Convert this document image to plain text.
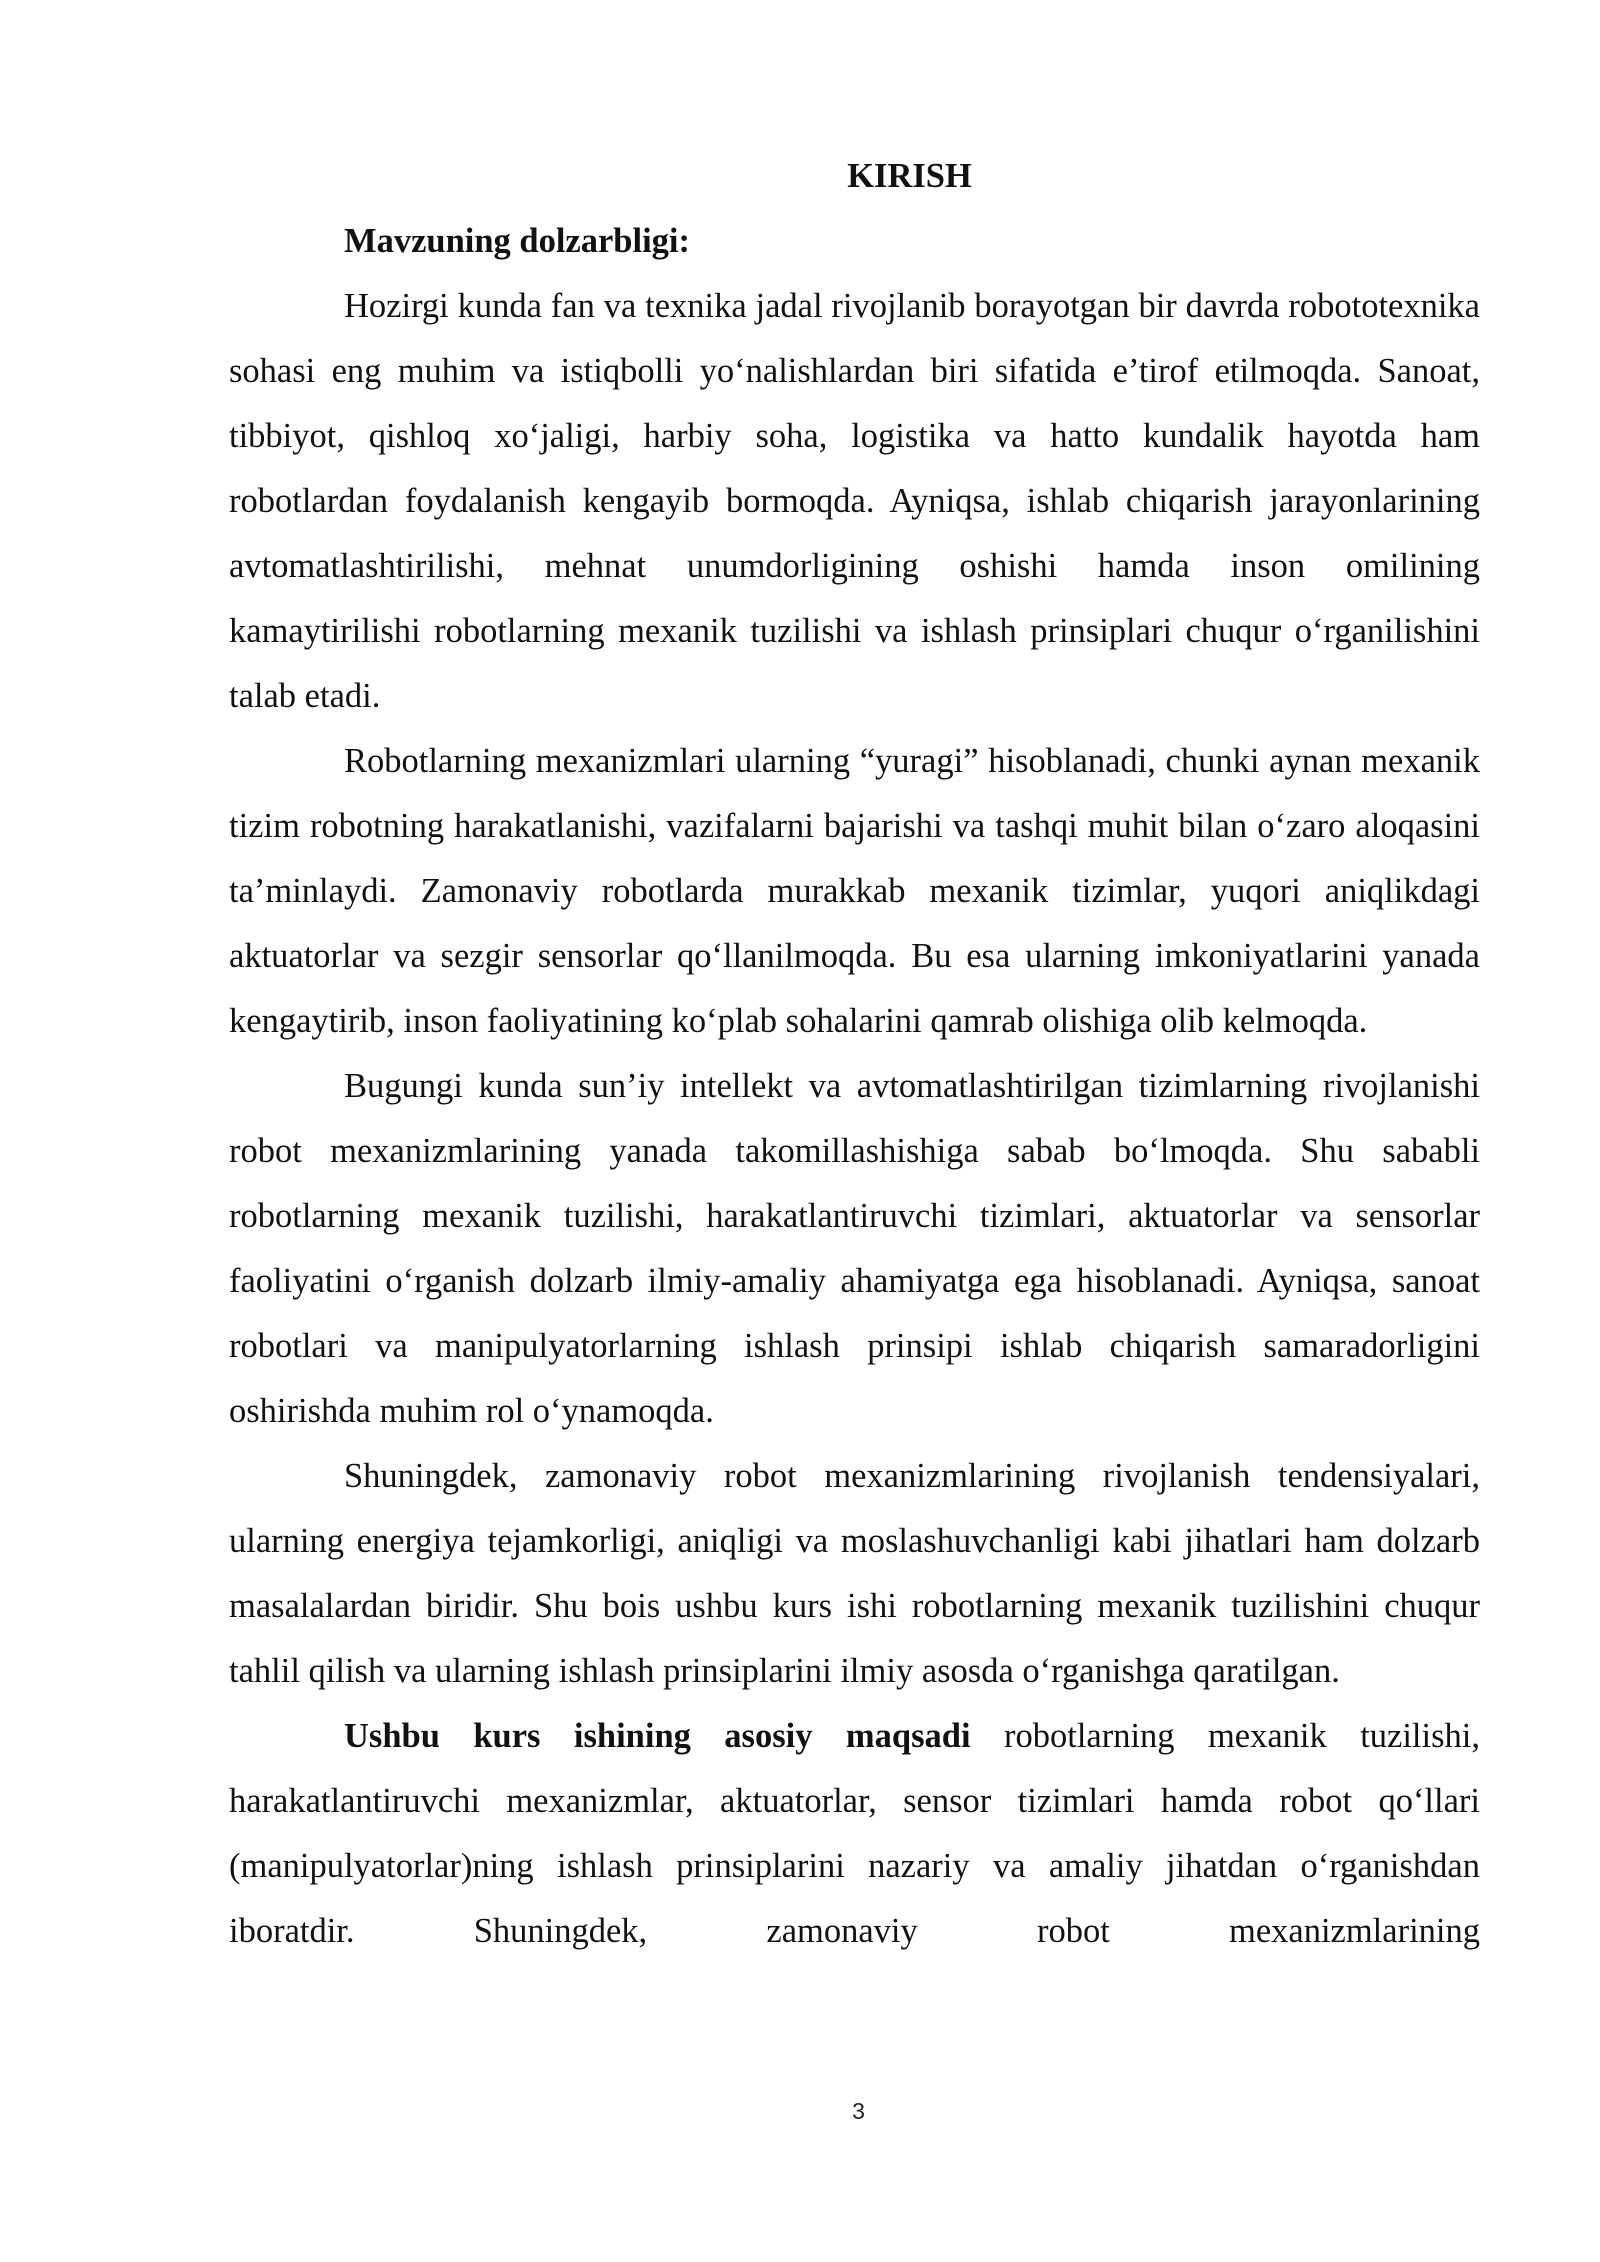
KIRISH

Mavzuning dolzarbligi:

Hozirgi kunda fan va texnika jadal rivojlanib borayotgan bir davrda robototexnika sohasi eng muhim va istiqbolli yo‘nalishlardan biri sifatida e’tirof etilmoqda. Sanoat, tibbiyot, qishloq xo‘jaligi, harbiy soha, logistika va hatto kundalik hayotda ham robotlardan foydalanish kengayib bormoqda. Ayniqsa, ishlab chiqarish jarayonlarining avtomatlashtirilishi, mehnat unumdorligining oshishi hamda inson omilining kamaytirilishi robotlarning mexanik tuzilishi va ishlash prinsiplari chuqur o‘rganilishini talab etadi.

Robotlarning mexanizmlari ularning “yuragi” hisoblanadi, chunki aynan mexanik tizim robotning harakatlanishi, vazifalarni bajarishi va tashqi muhit bilan o‘zaro aloqasini ta’minlaydi. Zamonaviy robotlarda murakkab mexanik tizimlar, yuqori aniqlikdagi aktuatorlar va sezgir sensorlar qo‘llanilmoqda. Bu esa ularning imkoniyatlarini yanada kengaytirib, inson faoliyatining ko‘plab sohalarini qamrab olishiga olib kelmoqda.

Bugungi kunda sun’iy intellekt va avtomatlashtirilgan tizimlarning rivojlanishi robot mexanizmlarining yanada takomillashishiga sabab bo‘lmoqda. Shu sababli robotlarning mexanik tuzilishi, harakatlantiruvchi tizimlari, aktuatorlar va sensorlar faoliyatini o‘rganish dolzarb ilmiy-amaliy ahamiyatga ega hisoblanadi. Ayniqsa, sanoat robotlari va manipulyatorlarning ishlash prinsipi ishlab chiqarish samaradorligini oshirishda muhim rol o‘ynamoqda.

Shuningdek, zamonaviy robot mexanizmlarining rivojlanish tendensiyalari, ularning energiya tejamkorligi, aniqligi va moslashuvchanligi kabi jihatlari ham dolzarb masalalardan biridir. Shu bois ushbu kurs ishi robotlarning mexanik tuzilishini chuqur tahlil qilish va ularning ishlash prinsiplarini ilmiy asosda o‘rganishga qaratilgan.

Ushbu kurs ishining asosiy maqsadi robotlarning mexanik tuzilishi, harakatlantiruvchi mexanizmlar, aktuatorlar, sensor tizimlari hamda robot qo‘llari (manipulyatorlar)ning ishlash prinsiplarini nazariy va amaliy jihatdan o‘rganishdan iboratdir. Shuningdek, zamonaviy robot mexanizmlarining

3
